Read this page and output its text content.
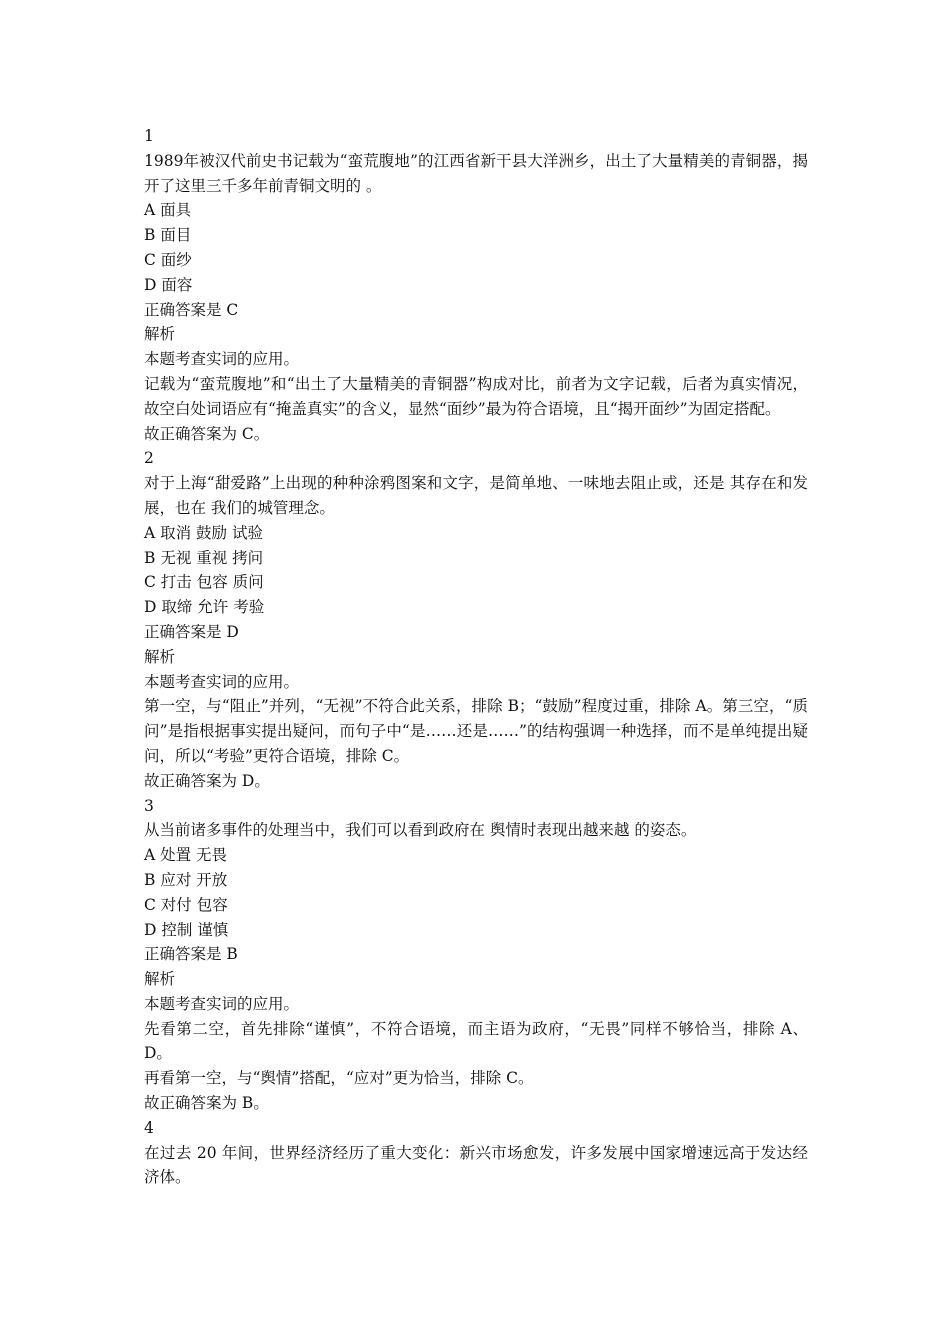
1
1989年被汉代前史书记载为“蛮荒腹地”的江西省新干县大洋洲乡，出土了大量精美的青铜器，揭开了这里三千多年前青铜文明的 。
A 面具
B 面目
C 面纱
D 面容
正确答案是 C
解析
本题考查实词的应用。
记载为“蛮荒腹地”和“出土了大量精美的青铜器”构成对比，前者为文字记载，后者为真实情况，故空白处词语应有“掩盖真实”的含义，显然“面纱”最为符合语境，且“揭开面纱”为固定搭配。
故正确答案为 C。
2
对于上海“甜爱路”上出现的种种涂鸦图案和文字，是简单地、一味地去阻止或，还是 其存在和发展，也在 我们的城管理念。
A 取消 鼓励 试验
B 无视 重视 拷问
C 打击 包容 质问
D 取缔 允许 考验
正确答案是 D
解析
本题考查实词的应用。
第一空，与“阻止”并列，“无视”不符合此关系，排除 B；“鼓励”程度过重，排除 A。第三空，“质问”是指根据事实提出疑问，而句子中“是……还是……”的结构强调一种选择，而不是单纯提出疑问，所以“考验”更符合语境，排除 C。
故正确答案为 D。
3
从当前诸多事件的处理当中，我们可以看到政府在 舆情时表现出越来越 的姿态。
A 处置 无畏
B 应对 开放
C 对付 包容
D 控制 谨慎
正确答案是 B
解析
本题考查实词的应用。
先看第二空，首先排除“谨慎”，不符合语境，而主语为政府，“无畏”同样不够恰当，排除 A、D。
再看第一空，与“舆情”搭配，“应对”更为恰当，排除 C。
故正确答案为 B。
4
在过去 20 年间，世界经济经历了重大变化：新兴市场愈发，许多发展中国家增速远高于发达经济体。
